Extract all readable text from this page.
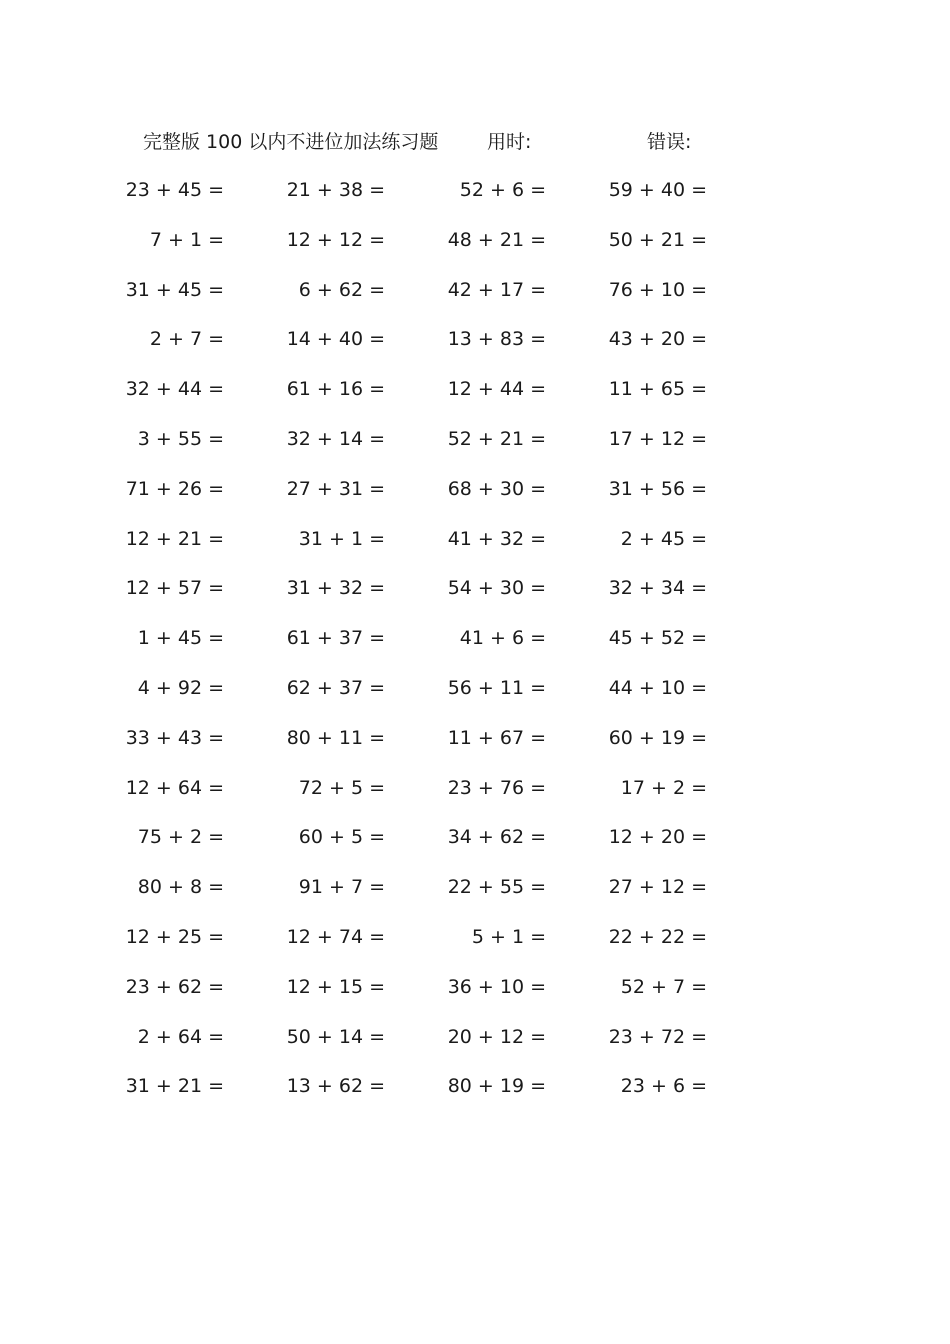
完整版 100 以内不进位加法练习题	用时:	错误:
23 + 45 =	21 + 38 =	52 + 6 =	59 + 40 =
7 + 1 =	12 + 12 =	48 + 21 =	50 + 21 =
31 + 45 =	6 + 62 =	42 + 17 =	76 + 10 =
2 + 7 =	14 + 40 =	13 + 83 =	43 + 20 =
32 + 44 =	61 + 16 =	12 + 44 =	11 + 65 =
3 + 55 =	32 + 14 =	52 + 21 =	17 + 12 =
71 + 26 =	27 + 31 =	68 + 30 =	31 + 56 =
12 + 21 =	31 + 1 =	41 + 32 =	2 + 45 =
12 + 57 =	31 + 32 =	54 + 30 =	32 + 34 =
1 + 45 =	61 + 37 =	41 + 6 =	45 + 52 =
4 + 92 =	62 + 37 =	56 + 11 =	44 + 10 =
33 + 43 =	80 + 11 =	11 + 67 =	60 + 19 =
12 + 64 =	72 + 5 =	23 + 76 =	17 + 2 =
75 + 2 =	60 + 5 =	34 + 62 =	12 + 20 =
80 + 8 =	91 + 7 =	22 + 55 =	27 + 12 =
12 + 25 =	12 + 74 =	5 + 1 =	22 + 22 =
23 + 62 =	12 + 15 =	36 + 10 =	52 + 7 =
2 + 64 =	50 + 14 =	20 + 12 =	23 + 72 =
31 + 21 =	13 + 62 =	80 + 19 =	23 + 6 =
